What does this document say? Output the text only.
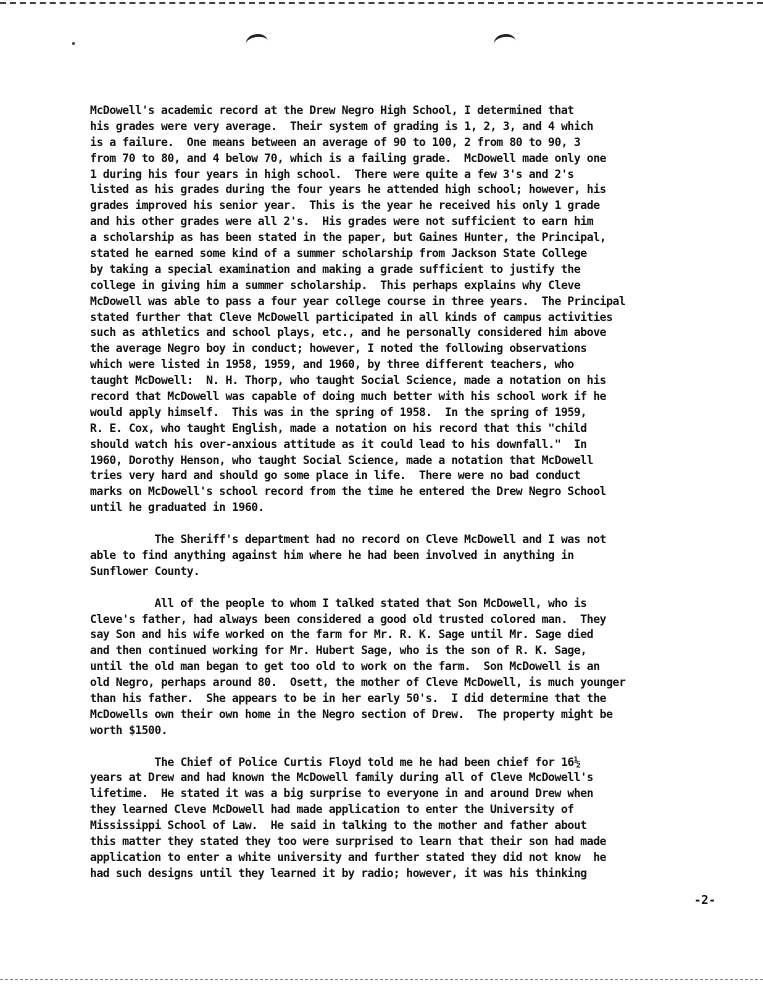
McDowell's academic record at the Drew Negro High School, I determined that
his grades were very average.  Their system of grading is 1, 2, 3, and 4 which
is a failure.  One means between an average of 90 to 100, 2 from 80 to 90, 3
from 70 to 80, and 4 below 70, which is a failing grade.  McDowell made only one
1 during his four years in high school.  There were quite a few 3's and 2's
listed as his grades during the four years he attended high school; however, his
grades improved his senior year.  This is the year he received his only 1 grade
and his other grades were all 2's.  His grades were not sufficient to earn him
a scholarship as has been stated in the paper, but Gaines Hunter, the Principal,
stated he earned some kind of a summer scholarship from Jackson State College
by taking a special examination and making a grade sufficient to justify the
college in giving him a summer scholarship.  This perhaps explains why Cleve
McDowell was able to pass a four year college course in three years.  The Principal
stated further that Cleve McDowell participated in all kinds of campus activities
such as athletics and school plays, etc., and he personally considered him above
the average Negro boy in conduct; however, I noted the following observations
which were listed in 1958, 1959, and 1960, by three different teachers, who
taught McDowell:  N. H. Thorp, who taught Social Science, made a notation on his
record that McDowell was capable of doing much better with his school work if he
would apply himself.  This was in the spring of 1958.  In the spring of 1959,
R. E. Cox, who taught English, made a notation on his record that this "child
should watch his over-anxious attitude as it could lead to his downfall."  In
1960, Dorothy Henson, who taught Social Science, made a notation that McDowell
tries very hard and should go some place in life.  There were no bad conduct
marks on McDowell's school record from the time he entered the Drew Negro School
until he graduated in 1960.
The Sheriff's department had no record on Cleve McDowell and I was not
able to find anything against him where he had been involved in anything in
Sunflower County.
All of the people to whom I talked stated that Son McDowell, who is
Cleve's father, had always been considered a good old trusted colored man.  They
say Son and his wife worked on the farm for Mr. R. K. Sage until Mr. Sage died
and then continued working for Mr. Hubert Sage, who is the son of R. K. Sage,
until the old man began to get too old to work on the farm.  Son McDowell is an
old Negro, perhaps around 80.  Osett, the mother of Cleve McDowell, is much younger
than his father.  She appears to be in her early 50's.  I did determine that the
McDowells own their own home in the Negro section of Drew.  The property might be
worth $1500.
The Chief of Police Curtis Floyd told me he had been chief for 16½
years at Drew and had known the McDowell family during all of Cleve McDowell's
lifetime.  He stated it was a big surprise to everyone in and around Drew when
they learned Cleve McDowell had made application to enter the University of
Mississippi School of Law.  He said in talking to the mother and father about
this matter they stated they too were surprised to learn that their son had made
application to enter a white university and further stated they did not know  he
had such designs until they learned it by radio; however, it was his thinking
-2-
